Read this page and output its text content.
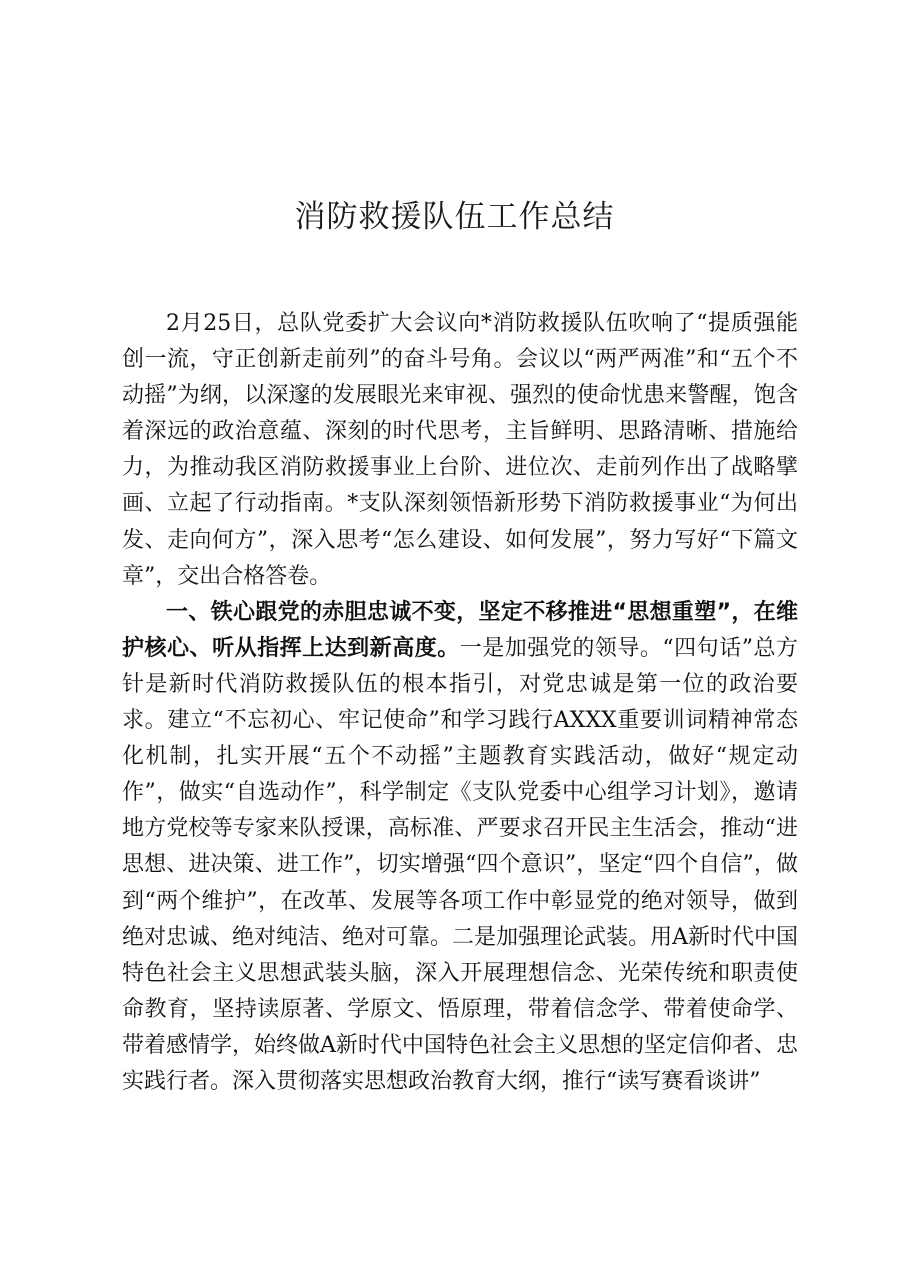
消防救援队伍工作总结

2月25日，总队党委扩大会议向*消防救援队伍吹响了“提质强能创一流，守正创新走前列”的奋斗号角。会议以“两严两准”和“五个不动摇”为纲，以深邃的发展眼光来审视、强烈的使命忧患来警醒，饱含着深远的政治意蕴、深刻的时代思考，主旨鲜明、思路清晰、措施给力，为推动我区消防救援事业上台阶、进位次、走前列作出了战略擘画、立起了行动指南。*支队深刻领悟新形势下消防救援事业“为何出发、走向何方”，深入思考“怎么建设、如何发展”，努力写好“下篇文章”，交出合格答卷。

一、铁心跟党的赤胆忠诚不变，坚定不移推进“思想重塑”，在维护核心、听从指挥上达到新高度。一是加强党的领导。“四句话”总方针是新时代消防救援队伍的根本指引，对党忠诚是第一位的政治要求。建立“不忘初心、牢记使命”和学习践行AXXX重要训词精神常态化机制，扎实开展“五个不动摇”主题教育实践活动，做好“规定动作”，做实“自选动作”，科学制定《支队党委中心组学习计划》，邀请地方党校等专家来队授课，高标准、严要求召开民主生活会，推动“进思想、进决策、进工作”，切实增强“四个意识”，坚定“四个自信”，做到“两个维护”，在改革、发展等各项工作中彰显党的绝对领导，做到绝对忠诚、绝对纯洁、绝对可靠。二是加强理论武装。用A新时代中国特色社会主义思想武装头脑，深入开展理想信念、光荣传统和职责使命教育，坚持读原著、学原文、悟原理，带着信念学、带着使命学、带着感情学，始终做A新时代中国特色社会主义思想的坚定信仰者、忠实践行者。深入贯彻落实思想政治教育大纲，推行“读写赛看谈讲”
